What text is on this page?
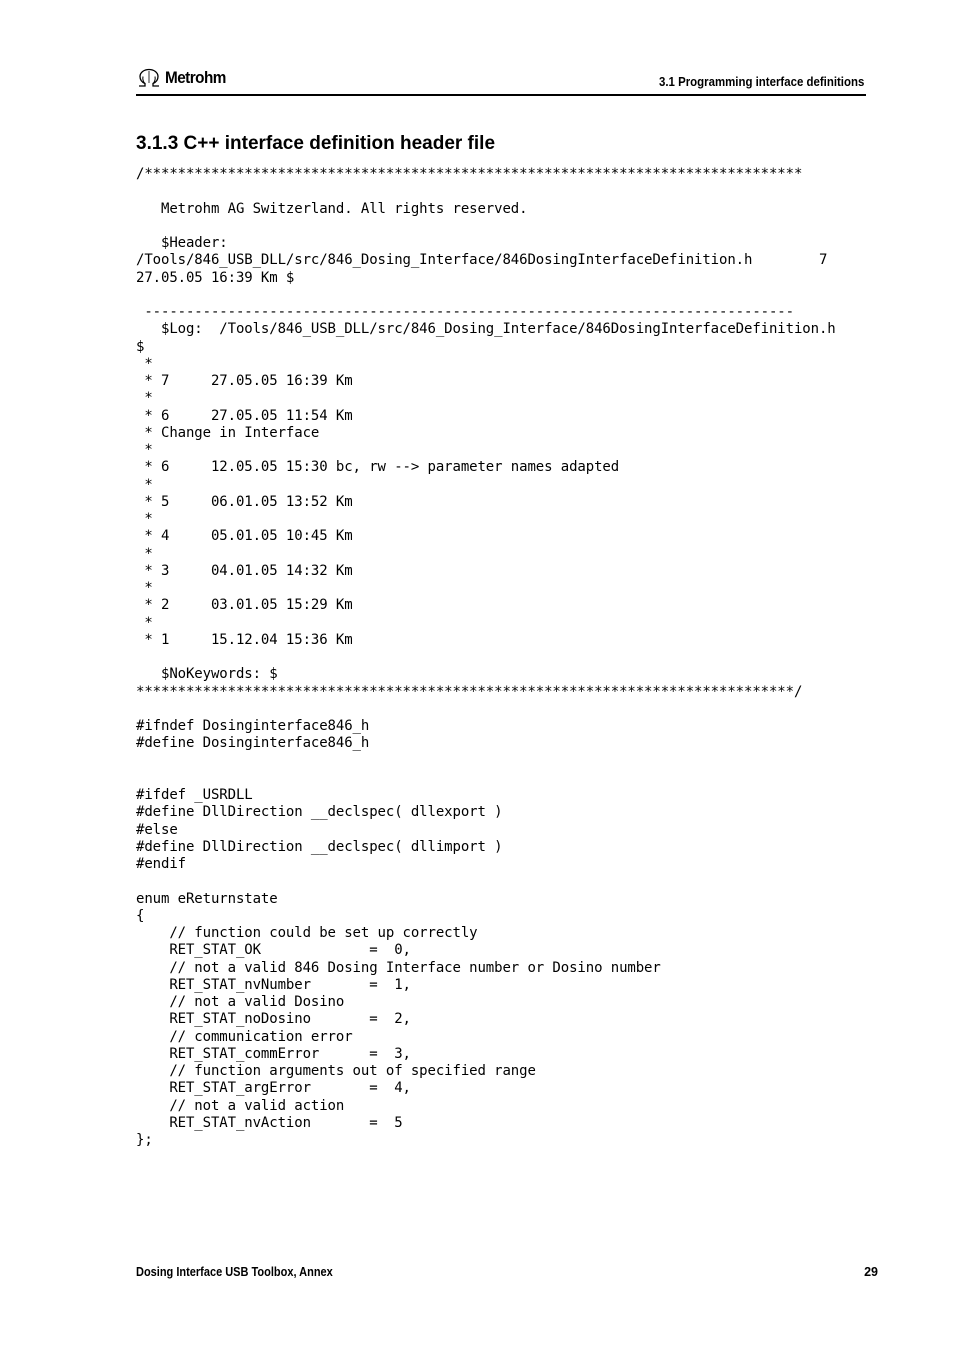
Metrohm	3.1 Programming interface definitions
3.1.3 C++ interface definition header file
/*******************************************************************************

Metrohm AG Switzerland. All rights reserved.

$Header:
/Tools/846_USB_DLL/src/846_Dosing_Interface/846DosingInterfaceDefinition.h        7
27.05.05 16:39 Km $

------------------------------------------------------------------------------
$Log:  /Tools/846_USB_DLL/src/846_Dosing_Interface/846DosingInterfaceDefinition.h
$
*
* 7     27.05.05 16:39 Km
*
* 6     27.05.05 11:54 Km
* Change in Interface
*
* 6     12.05.05 15:30 bc, rw --> parameter names adapted
*
* 5     06.01.05 13:52 Km
*
* 4     05.01.05 10:45 Km
*
* 3     04.01.05 14:32 Km
*
* 2     03.01.05 15:29 Km
*
* 1     15.12.04 15:36 Km

$NoKeywords: $
*******************************************************************************/

#ifndef Dosinginterface846_h
#define Dosinginterface846_h

#ifdef _USRDLL
#define DllDirection __declspec( dllexport )
#else
#define DllDirection __declspec( dllimport )
#endif

enum eReturnstate
{
// function could be set up correctly
RET_STAT_OK             =  0,
// not a valid 846 Dosing Interface number or Dosino number
RET_STAT_nvNumber       =  1,
// not a valid Dosino
RET_STAT_noDosino       =  2,
// communication error
RET_STAT_commError      =  3,
// function arguments out of specified range
RET_STAT_argError       =  4,
// not a valid action
RET_STAT_nvAction       =  5
};
Dosing Interface USB Toolbox, Annex	29
